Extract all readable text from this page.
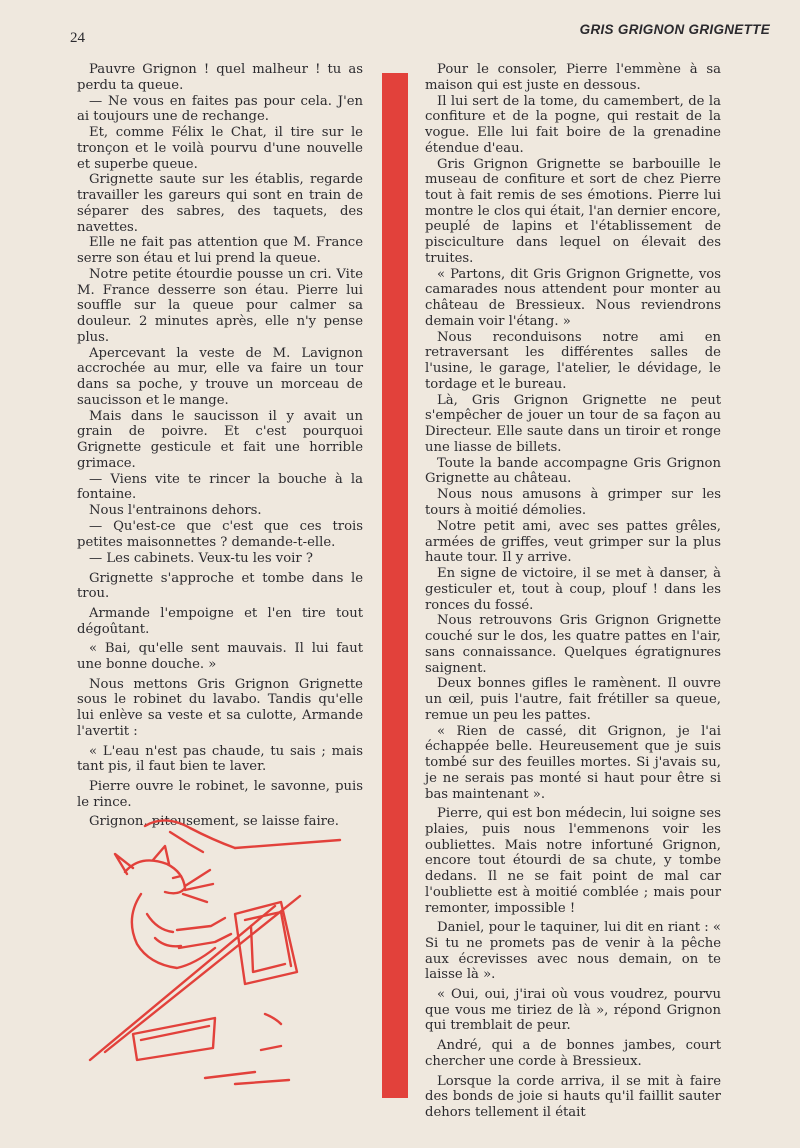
24
GRIS GRIGNON GRIGNETTE

Pauvre Grignon ! quel malheur ! tu as perdu ta queue.

— Ne vous en faites pas pour cela. J'en ai toujours une de rechange.

Et, comme Félix le Chat, il tire sur le tronçon et le voilà pourvu d'une nouvelle et superbe queue.

Grignette saute sur les établis, regarde travailler les gareurs qui sont en train de séparer des sabres, des taquets, des navettes.

Elle ne fait pas attention que M. France serre son étau et lui prend la queue.

Notre petite étourdie pousse un cri. Vite M. France desserre son étau. Pierre lui souffle sur la queue pour calmer sa douleur. 2 minutes après, elle n'y pense plus.

Apercevant la veste de M. Lavignon accrochée au mur, elle va faire un tour dans sa poche, y trouve un morceau de saucisson et le mange.

Mais dans le saucisson il y avait un grain de poivre. Et c'est pourquoi Grignette gesticule et fait une horrible grimace.

— Viens vite te rincer la bouche à la fontaine.

Nous l'entrainons dehors.

— Qu'est-ce que c'est que ces trois petites maisonnettes ? demande-t-elle.

— Les cabinets. Veux-tu les voir ?

Grignette s'approche et tombe dans le trou.

Armande l'empoigne et l'en tire tout dégoûtant.

« Bai, qu'elle sent mauvais. Il lui faut une bonne douche. »

Nous mettons Gris Grignon Grignette sous le robinet du lavabo. Tandis qu'elle lui enlève sa veste et sa culotte, Armande l'avertit :

« L'eau n'est pas chaude, tu sais ; mais tant pis, il faut bien te laver.

Pierre ouvre le robinet, le savonne, puis le rince.

Grignon, piteusement, se laisse faire.

Pour le consoler, Pierre l'emmène à sa maison qui est juste en dessous.

Il lui sert de la tome, du camembert, de la confiture et de la pogne, qui restait de la vogue. Elle lui fait boire de la grenadine étendue d'eau.

Gris Grignon Grignette se barbouille le museau de confiture et sort de chez Pierre tout à fait remis de ses émotions. Pierre lui montre le clos qui était, l'an dernier encore, peuplé de lapins et l'établissement de pisciculture dans lequel on élevait des truites.

« Partons, dit Gris Grignon Grignette, vos camarades nous attendent pour monter au château de Bressieux. Nous reviendrons demain voir l'étang. »

Nous reconduisons notre ami en retraversant les différentes salles de l'usine, le garage, l'atelier, le dévidage, le tordage et le bureau.

Là, Gris Grignon Grignette ne peut s'empêcher de jouer un tour de sa façon au Directeur. Elle saute dans un tiroir et ronge une liasse de billets.

Toute la bande accompagne Gris Grignon Grignette au château.

Nous nous amusons à grimper sur les tours à moitié démolies.

Notre petit ami, avec ses pattes grêles, armées de griffes, veut grimper sur la plus haute tour. Il y arrive.

En signe de victoire, il se met à danser, à gesticuler et, tout à coup, plouf ! dans les ronces du fossé.

Nous retrouvons Gris Grignon Grignette couché sur le dos, les quatre pattes en l'air, sans connaissance. Quelques égratignures saignent.

Deux bonnes gifles le ramènent. Il ouvre un œil, puis l'autre, fait frétiller sa queue, remue un peu les pattes.

« Rien de cassé, dit Grignon, je l'ai échappée belle. Heureusement que je suis tombé sur des feuilles mortes. Si j'avais su, je ne serais pas monté si haut pour être si bas maintenant ».

Pierre, qui est bon médecin, lui soigne ses plaies, puis nous l'emmenons voir les oubliettes. Mais notre infortuné Grignon, encore tout étourdi de sa chute, y tombe dedans. Il ne se fait point de mal car l'oubliette est à moitié comblée ; mais pour remonter, impossible !

Daniel, pour le taquiner, lui dit en riant : « Si tu ne promets pas de venir à la pêche aux écrevisses avec nous demain, on te laisse là ».

« Oui, oui, j'irai où vous voudrez, pourvu que vous me tiriez de là », répond Grignon qui tremblait de peur.

André, qui a de bonnes jambes, court chercher une corde à Bressieux.

Lorsque la corde arriva, il se mit à faire des bonds de joie si hauts qu'il faillit sauter dehors tellement il était
